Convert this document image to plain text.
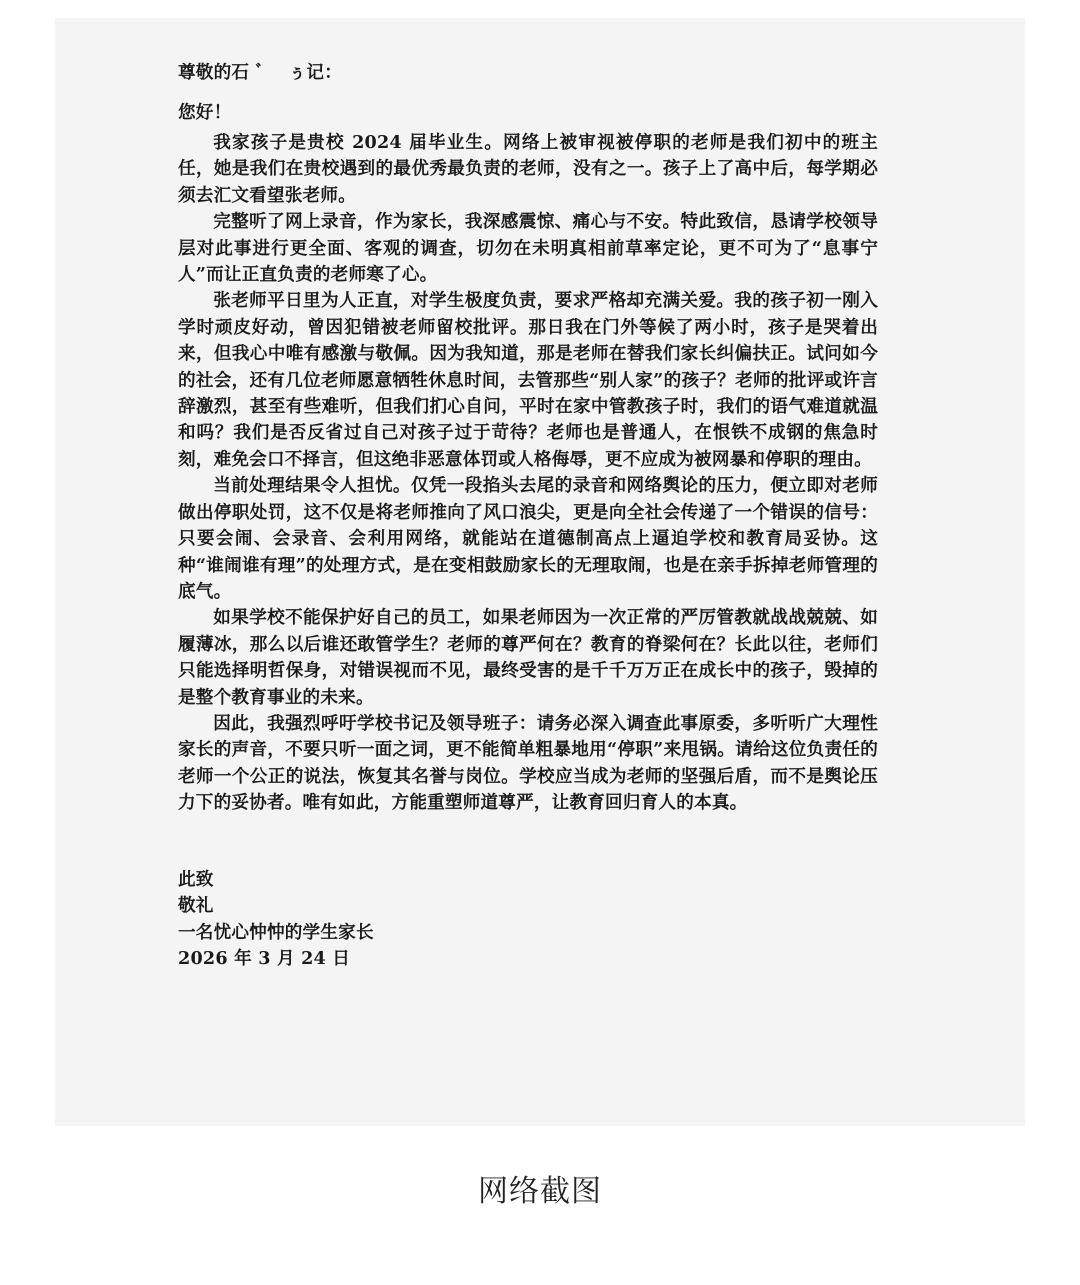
尊敬的石 ﾞ　 ぅ记：

您好！

我家孩子是贵校 2024 届毕业生。网络上被审视被停职的老师是我们初中的班主任，她是我们在贵校遇到的最优秀最负责的老师，没有之一。孩子上了高中后，每学期必须去汇文看望张老师。

完整听了网上录音，作为家长，我深感震惊、痛心与不安。特此致信，恳请学校领导层对此事进行更全面、客观的调查，切勿在未明真相前草率定论，更不可为了“息事宁人”而让正直负责的老师寒了心。

张老师平日里为人正直，对学生极度负责，要求严格却充满关爱。我的孩子初一刚入学时顽皮好动，曾因犯错被老师留校批评。那日我在门外等候了两小时，孩子是哭着出来，但我心中唯有感激与敬佩。因为我知道，那是老师在替我们家长纠偏扶正。试问如今的社会，还有几位老师愿意牺牲休息时间，去管那些“别人家”的孩子？老师的批评或许言辞激烈，甚至有些难听，但我们扪心自问，平时在家中管教孩子时，我们的语气难道就温和吗？我们是否反省过自己对孩子过于苛待？老师也是普通人，在恨铁不成钢的焦急时刻，难免会口不择言，但这绝非恶意体罚或人格侮辱，更不应成为被网暴和停职的理由。

当前处理结果令人担忧。仅凭一段掐头去尾的录音和网络舆论的压力，便立即对老师做出停职处罚，这不仅是将老师推向了风口浪尖，更是向全社会传递了一个错误的信号：只要会闹、会录音、会利用网络，就能站在道德制高点上逼迫学校和教育局妥协。这种“谁闹谁有理”的处理方式，是在变相鼓励家长的无理取闹，也是在亲手拆掉老师管理的底气。

如果学校不能保护好自己的员工，如果老师因为一次正常的严厉管教就战战兢兢、如履薄冰，那么以后谁还敢管学生？老师的尊严何在？教育的脊梁何在？长此以往，老师们只能选择明哲保身，对错误视而不见，最终受害的是千千万万正在成长中的孩子，毁掉的是整个教育事业的未来。

因此，我强烈呼吁学校书记及领导班子：请务必深入调查此事原委，多听听广大理性家长的声音，不要只听一面之词，更不能简单粗暴地用“停职”来甩锅。请给这位负责任的老师一个公正的说法，恢复其名誉与岗位。学校应当成为老师的坚强后盾，而不是舆论压力下的妥协者。唯有如此，方能重塑师道尊严，让教育回归育人的本真。

此致
敬礼
一名忧心忡忡的学生家长
2026 年 3 月 24 日
网络截图
